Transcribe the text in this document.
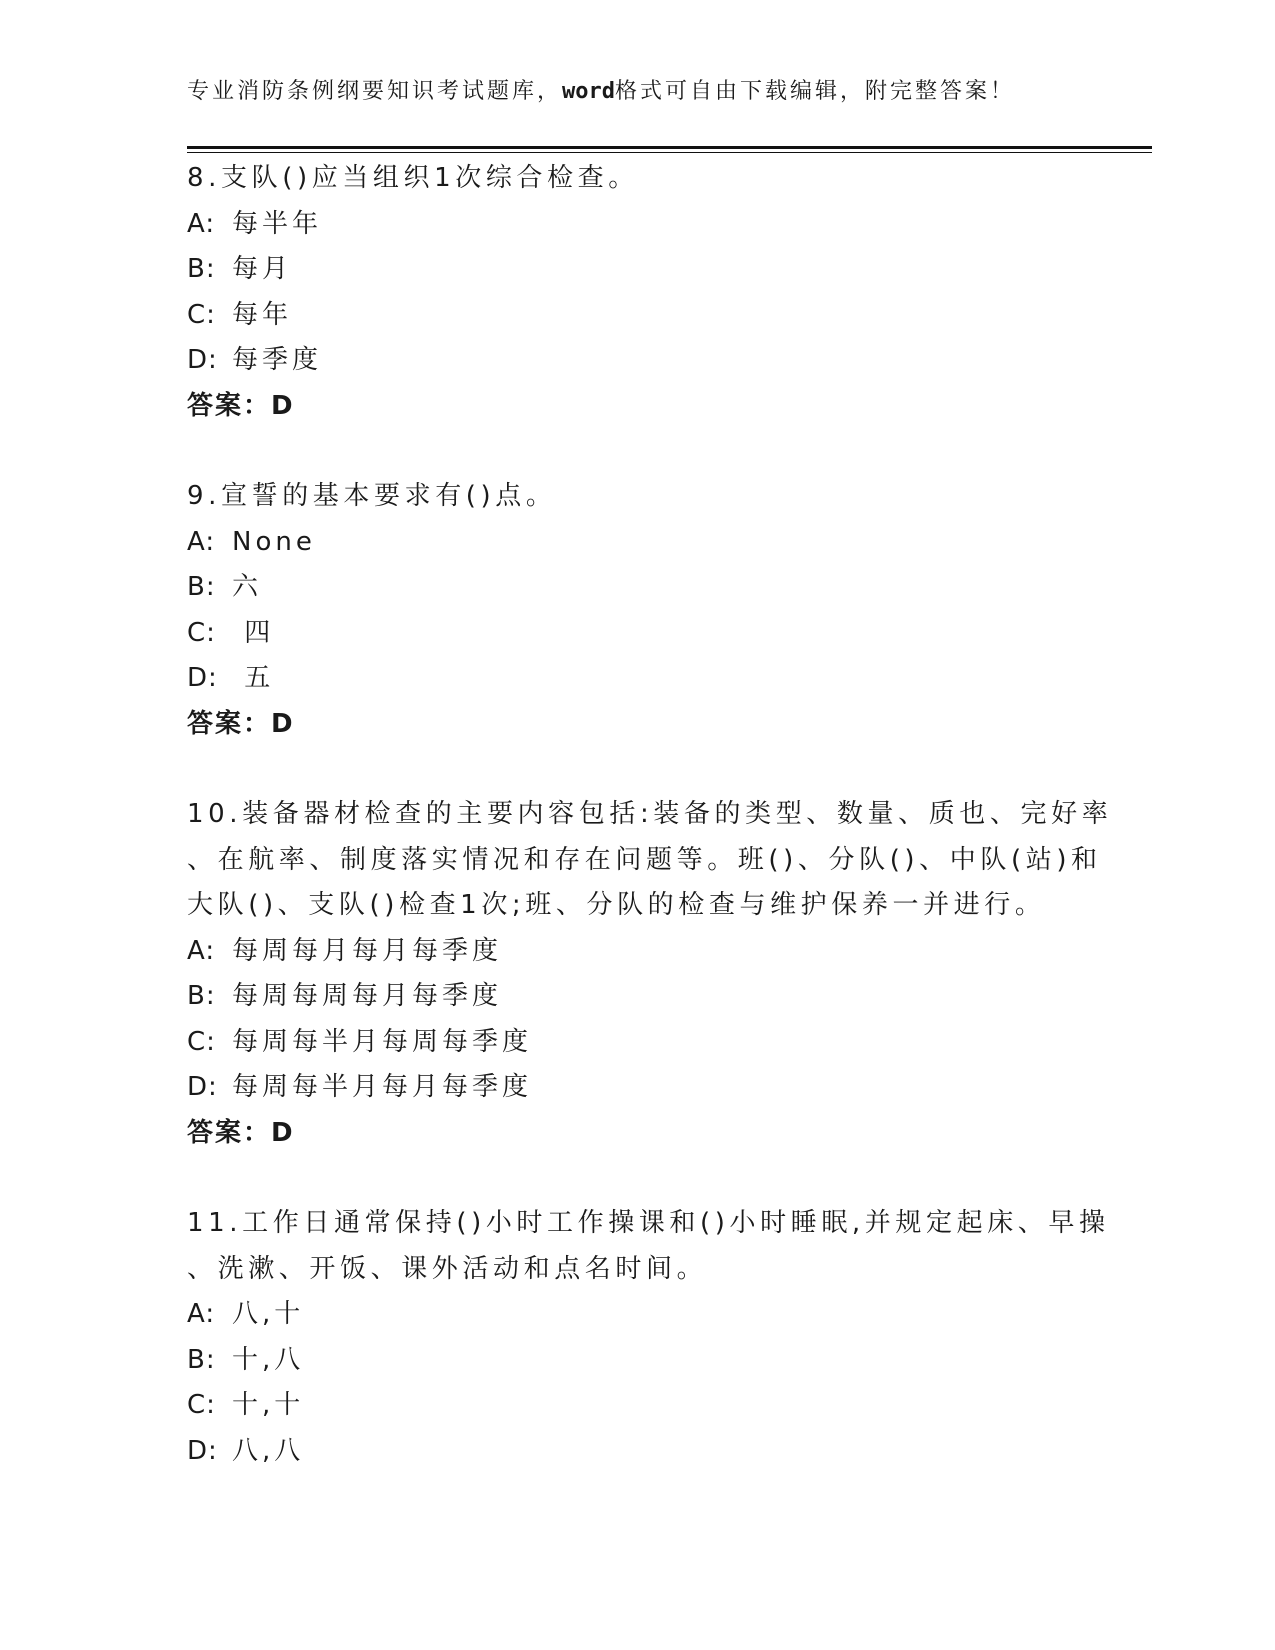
专业消防条例纲要知识考试题库，word格式可自由下载编辑，附完整答案！
8.支队()应当组织1次综合检查。
A: 每半年
B: 每月
C: 每年
D: 每季度
答案：D
9.宣誓的基本要求有()点。
A: None
B: 六
C: 四
D: 五
答案：D
10.装备器材检查的主要内容包括:装备的类型、数量、质也、完好率
、在航率、制度落实情况和存在问题等。班()、分队()、中队(站)和
大队()、支队()检查1次;班、分队的检查与维护保养一并进行。
A: 每周每月每月每季度
B: 每周每周每月每季度
C: 每周每半月每周每季度
D: 每周每半月每月每季度
答案：D
11.工作日通常保持()小时工作操课和()小时睡眠,并规定起床、早操
、洗漱、开饭、课外活动和点名时间。
A: 八,十
B: 十,八
C: 十,十
D: 八,八
